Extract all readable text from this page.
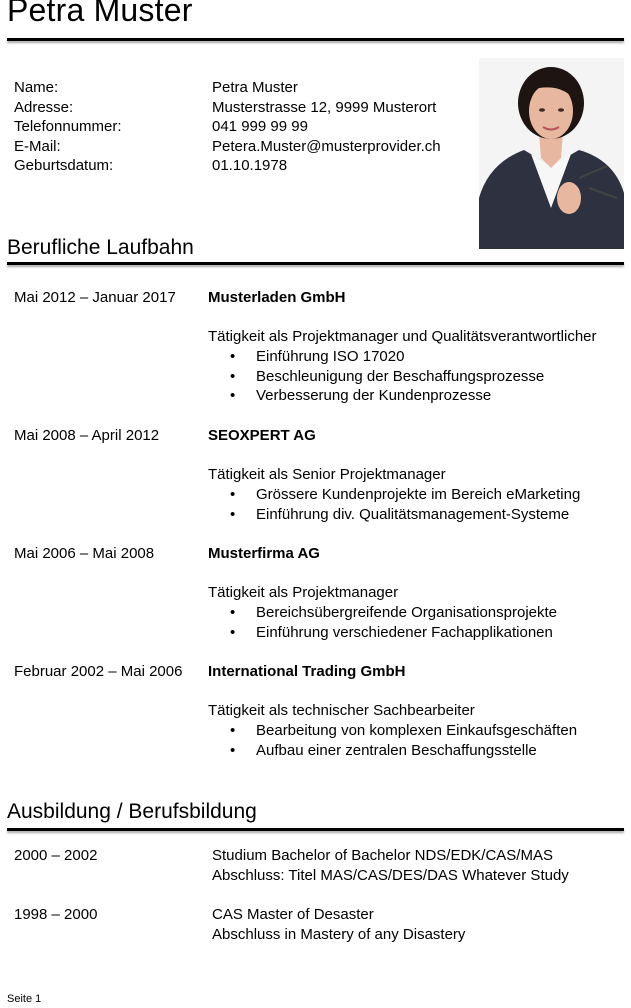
Petra Muster
Name:	Petra Muster
Adresse:	Musterstrasse 12, 9999 Musterort
Telefonnummer:	041 999 99 99
E-Mail:	Petera.Muster@musterprovider.ch
Geburtsdatum:	01.10.1978
Berufliche Laufbahn
Mai 2012 – Januar 2017 Musterladen GmbH
Tätigkeit als Projektmanager und Qualitätsverantwortlicher
• Einführung ISO 17020
• Beschleunigung der Beschaffungsprozesse
• Verbesserung der Kundenprozesse
Mai 2008 – April 2012	SEOXPERT AG
Tätigkeit als Senior Projektmanager
• Grössere Kundenprojekte im Bereich eMarketing
• Einführung div. Qualitätsmanagement-Systeme
Mai 2006 – Mai 2008	Musterfirma AG
Tätigkeit als Projektmanager
• Bereichsübergreifende Organisationsprojekte
• Einführung verschiedener Fachapplikationen
Februar 2002 – Mai 2006 International Trading GmbH
Tätigkeit als technischer Sachbearbeiter
• Bearbeitung von komplexen Einkaufsgeschäften
• Aufbau einer zentralen Beschaffungsstelle
Ausbildung / Berufsbildung
2000 – 2002	Studium Bachelor of Bachelor NDS/EDK/CAS/MAS
Abschluss: Titel MAS/CAS/DES/DAS Whatever Study
1998 – 2000	CAS Master of Desaster
Abschluss in Mastery of any Disastery
Seite 1
